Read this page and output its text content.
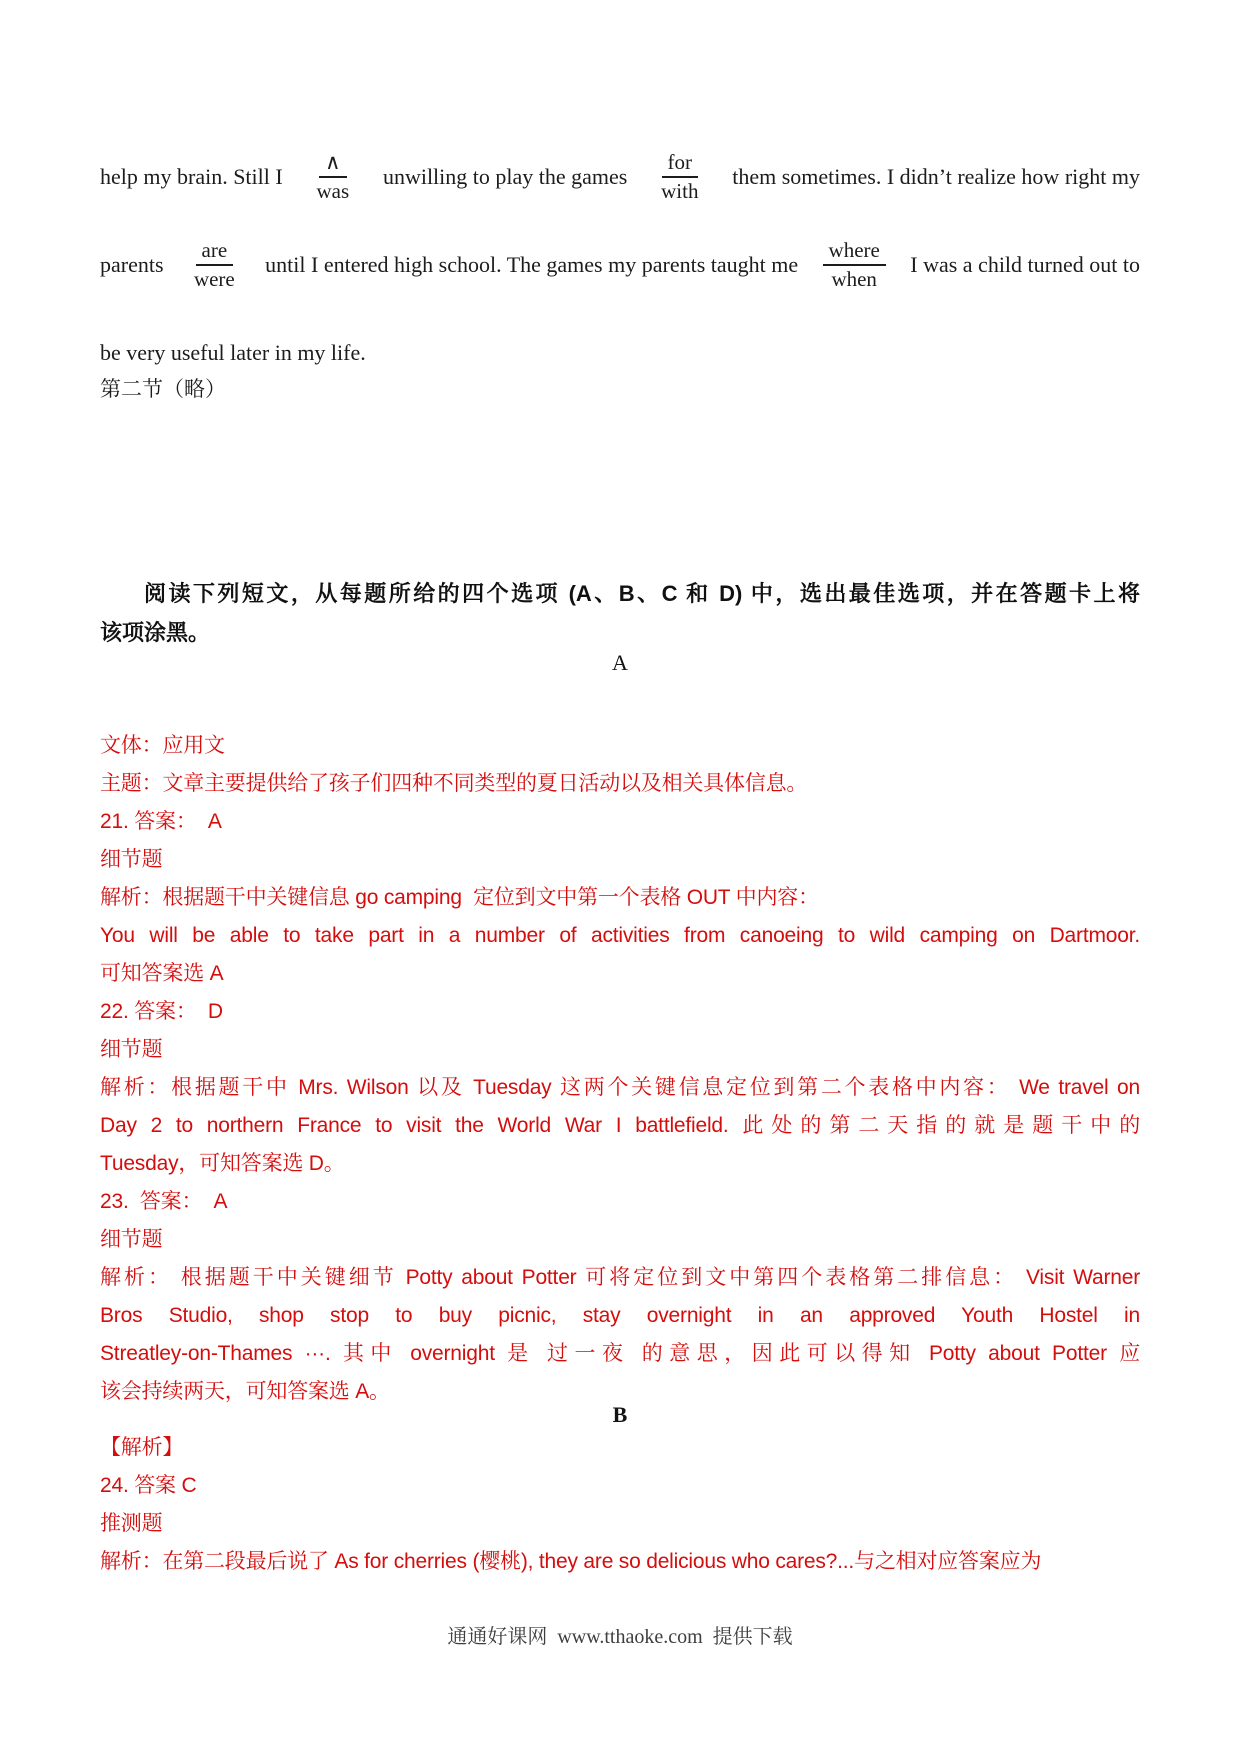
help my brain. Still I $\frac{\wedge}{\text{was}}$ unwilling to play the games $\frac{\text{for}}{\text{with}}$ them sometimes. I didn’t realize how right my
parents $\frac{\text{are}}{\text{were}}$ until I entered high school. The games my parents taught me $\frac{\text{where}}{\text{when}}$ I was a child turned out to
be very useful later in my life.
第二节（略）
阅读下列短文，从每题所给的四个选项 (A、B、C 和 D) 中，选出最佳选项，并在答题卡上将
该项涂黑。
A
文体：应用文
主题：文章主要提供给了孩子们四种不同类型的夏日活动以及相关具体信息。
21. 答案：  A
细节题
解析：根据题干中关键信息 go camping  定位到文中第一个表格 OUT 中内容：
You will be able to take part in a number of activities from canoeing to wild camping on Dartmoor.
可知答案选 A
22. 答案：  D
细节题
解析：根据题干中 Mrs. Wilson 以及 Tuesday 这两个关键信息定位到第二个表格中内容： We travel on
Day 2 to northern France to visit the World War I battlefield. 此处的第二天指的就是题干中的
Tuesday，可知答案选 D。
23.  答案：  A
细节题
解析： 根据题干中关键细节 Potty about Potter 可将定位到文中第四个表格第二排信息： Visit Warner
Bros Studio, shop stop to buy picnic, stay overnight in an approved Youth Hostel in
Streatley-on-Thames ···. 其中 overnight 是 过一夜 的意思，因此可以得知 Potty about Potter 应
该会持续两天，可知答案选 A。
B
【解析】
24. 答案 C
推测题
解析：在第二段最后说了 As for cherries (樱桃), they are so delicious who cares?...与之相对应答案应为
通通好课网  www.tthaoke.com  提供下载
